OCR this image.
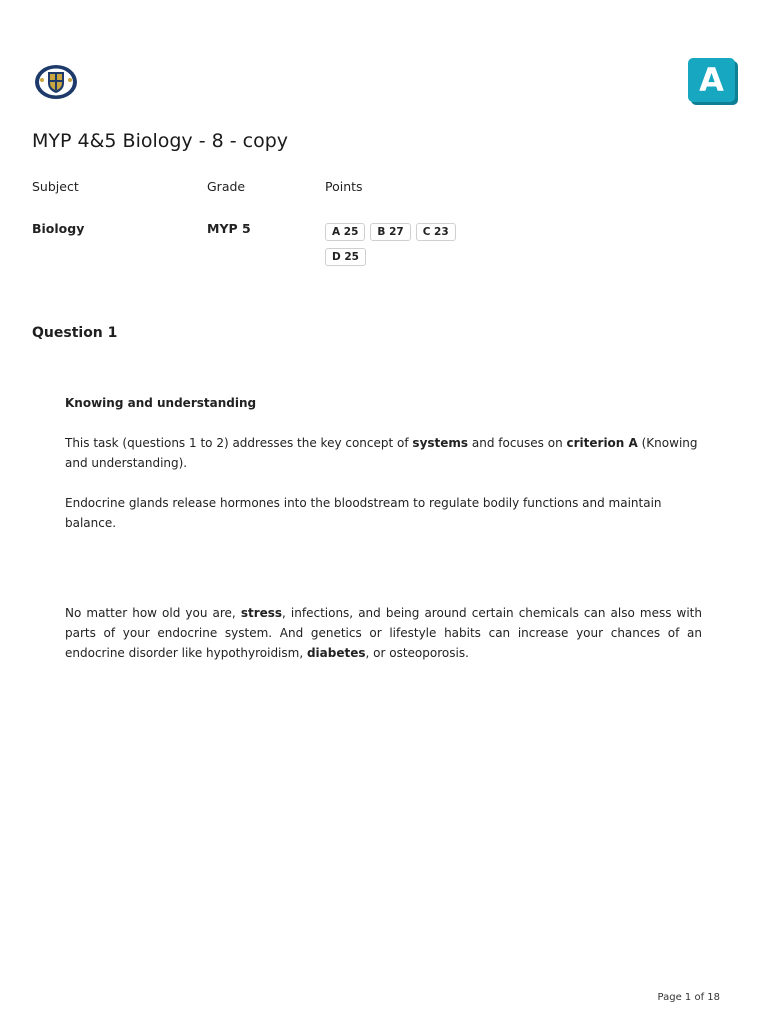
A
MYP 4&5 Biology - 8 - copy
Subject	Grade	Points
Biology	MYP 5	A 25 B 27 C 23D 25
Question 1
Knowing and understanding

This task (questions 1 to 2) addresses the key concept of systems and focuses on criterion A (Knowing and understanding).

Endocrine glands release hormones into the bloodstream to regulate bodily functions and maintain balance.

No matter how old you are, stress, infections, and being around certain chemicals can also mess with parts of your endocrine system. And genetics or lifestyle habits can increase your chances of an endocrine disorder like hypothyroidism, diabetes, or osteoporosis.

Page 1 of 18
